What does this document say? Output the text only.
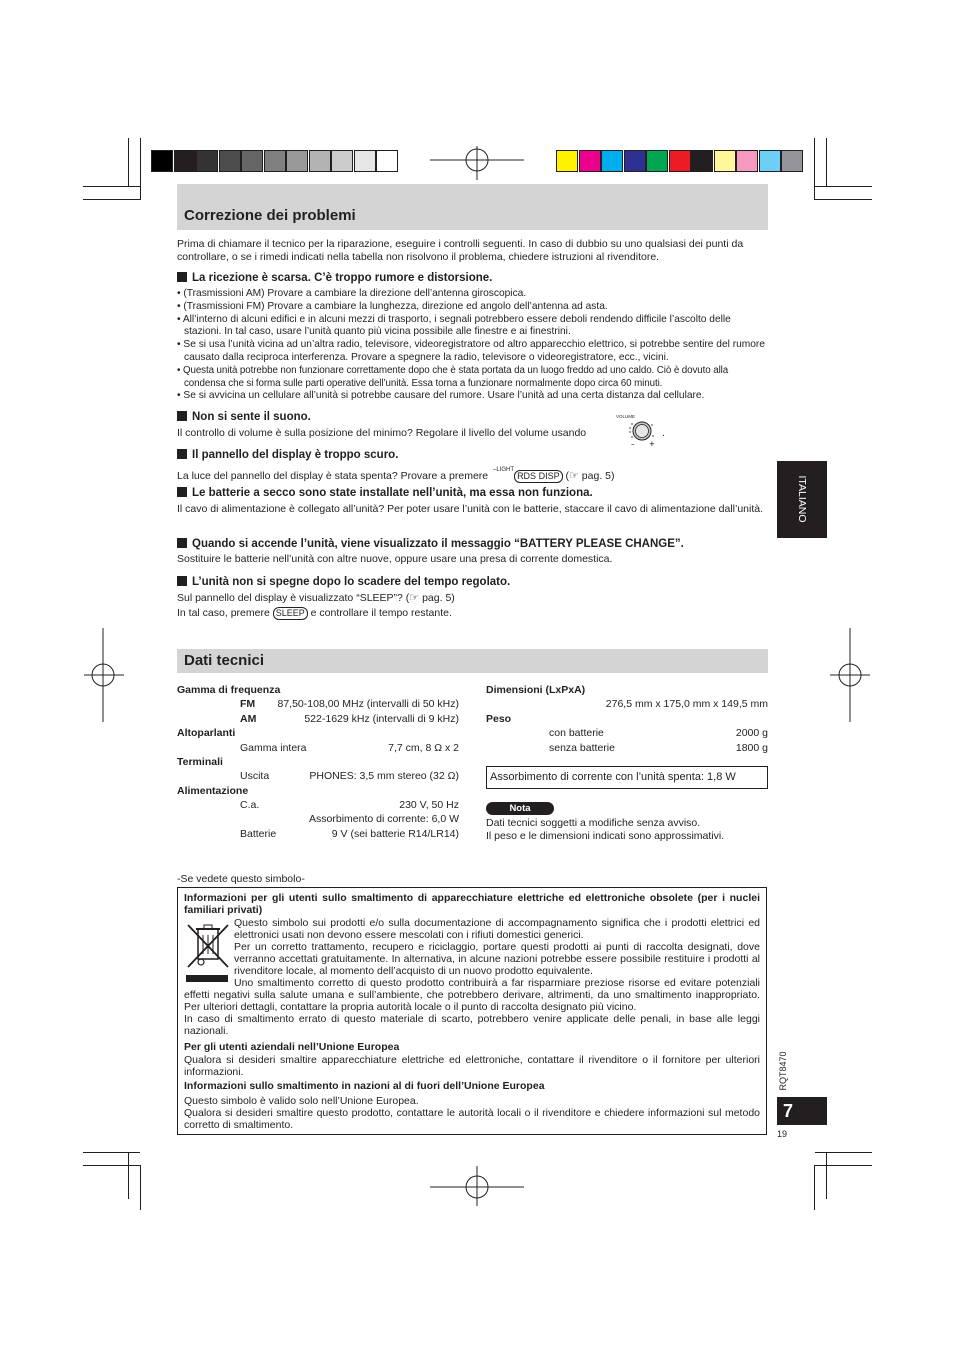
Correzione dei problemi
Prima di chiamare il tecnico per la riparazione, eseguire i controlli seguenti. In caso di dubbio su uno qualsiasi dei punti da controllare, o se i rimedi indicati nella tabella non risolvono il problema, chiedere istruzioni al rivenditore.
La ricezione è scarsa. C’è troppo rumore e distorsione.
• (Trasmissioni AM) Provare a cambiare la direzione dell’antenna giroscopica.
• (Trasmissioni FM) Provare a cambiare la lunghezza, direzione ed angolo dell’antenna ad asta.
• All’interno di alcuni edifici e in alcuni mezzi di trasporto, i segnali potrebbero essere deboli rendendo difficile l’ascolto delle stazioni. In tal caso, usare l’unità quanto più vicina possibile alle finestre e ai finestrini.
• Se si usa l’unità vicina ad un’altra radio, televisore, videoregistratore od altro apparecchio elettrico, si potrebbe sentire del rumore causato dalla reciproca interferenza. Provare a spegnere la radio, televisore o videoregistratore, ecc., vicini.
• Questa unità potrebbe non funzionare correttamente dopo che è stata portata da un luogo freddo ad uno caldo. Ciò è dovuto alla condensa che si forma sulle parti operative dell’unità. Essa torna a funzionare normalmente dopo circa 60 minuti.
• Se si avvicina un cellulare all’unità si potrebbe causare del rumore. Usare l’unità ad una certa distanza dal cellulare.
Non si sente il suono.
Il controllo di volume è sulla posizione del minimo? Regolare il livello del volume usando
VOLUME
– +
.
Il pannello del display è troppo scuro.
La luce del pannello del display è stata spenta? Provare a premere $^{-LIGHT}$RDS DISP (☞ pag. 5)
Le batterie a secco sono state installate nell’unità, ma essa non funziona.
Il cavo di alimentazione è collegato all’unità? Per poter usare l’unità con le batterie, staccare il cavo di alimentazione dall’unità.
Quando si accende l’unità, viene visualizzato il messaggio “BATTERY PLEASE CHANGE”.
Sostituire le batterie nell’unità con altre nuove, oppure usare una presa di corrente domestica.
L’unità non si spegne dopo lo scadere del tempo regolato.
Sul pannello del display è visualizzato “SLEEP”? (☞ pag. 5)
In tal caso, premere SLEEP e controllare il tempo restante.
Dati tecnici
Gamma di frequenza
FM 87,50-108,00 MHz (intervalli di 50 kHz)
AM	522-1629 kHz (intervalli di 9 kHz)
Altoparlanti
Gamma intera	7,7 cm, 8 Ω x 2
Terminali
Uscita	PHONES: 3,5 mm stereo (32 Ω)
Alimentazione
C.a.	230 V, 50 Hz
Assorbimento di corrente: 6,0 W
Batterie	9 V (sei batterie R14/LR14)
Dimensioni (LxPxA)
276,5 mm x 175,0 mm x 149,5 mm
Peso
con batterie	2000 g
senza batterie	1800 g
Assorbimento di corrente con l’unità spenta: 1,8 W
Nota
Dati tecnici soggetti a modifiche senza avviso.
Il peso e le dimensioni indicati sono approssimativi.
-Se vedete questo simbolo-
Informazioni per gli utenti sullo smaltimento di apparecchiature elettriche ed elettroniche obsolete (per i nuclei familiari privati)
Questo simbolo sui prodotti e/o sulla documentazione di accompagnamento significa che i prodotti elettrici ed elettronici usati non devono essere mescolati con i rifiuti domestici generici.
Per un corretto trattamento, recupero e riciclaggio, portare questi prodotti ai punti di raccolta designati, dove verranno accettati gratuitamente. In alternativa, in alcune nazioni potrebbe essere possibile restituire i prodotti al rivenditore locale, al momento dell’acquisto di un nuovo prodotto equivalente.
Uno smaltimento corretto di questo prodotto contribuirà a far risparmiare preziose risorse ed evitare potenziali effetti negativi sulla salute umana e sull’ambiente, che potrebbero derivare, altrimenti, da uno smaltimento inappropriato. Per ulteriori dettagli, contattare la propria autorità locale o il punto di raccolta designato più vicino.
In caso di smaltimento errato di questo materiale di scarto, potrebbero venire applicate delle penali, in base alle leggi nazionali.
Per gli utenti aziendali nell’Unione Europea
Qualora si desideri smaltire apparecchiature elettriche ed elettroniche, contattare il rivenditore o il fornitore per ulteriori informazioni.
Informazioni sullo smaltimento in nazioni al di fuori dell’Unione Europea
Questo simbolo è valido solo nell’Unione Europea.
Qualora si desideri smaltire questo prodotto, contattare le autorità locali o il rivenditore e chiedere informazioni sul metodo corretto di smaltimento.
ITALIANO
RQT8470
7
19
